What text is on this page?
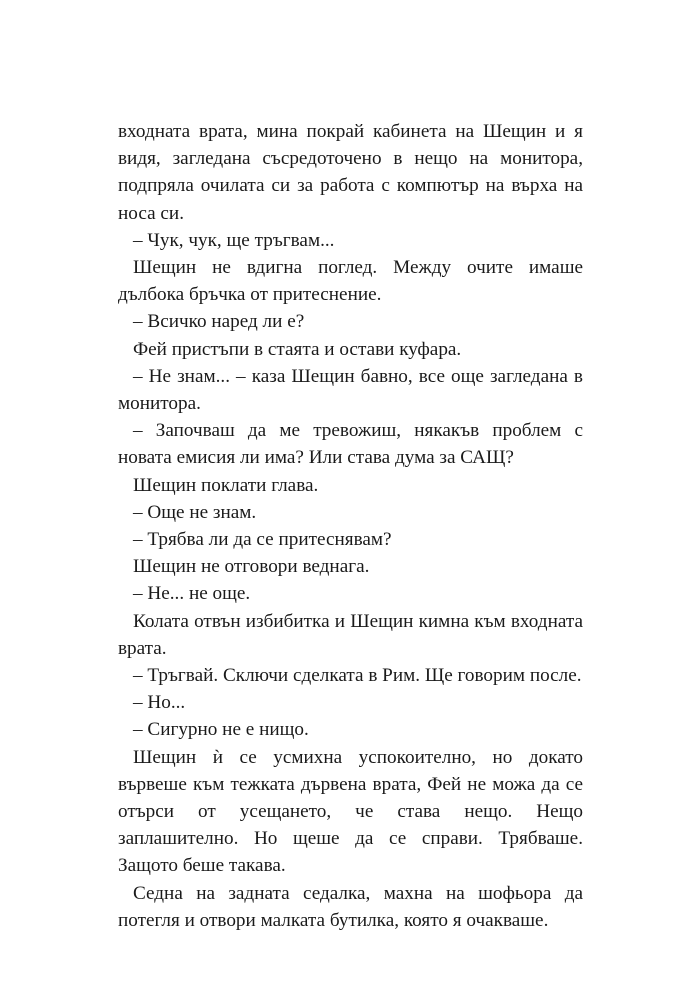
входната врата, мина покрай кабинета на Шещин и я видя, загледана съсредоточено в нещо на монитора, подпряла очилата си за работа с компютър на върха на носа си.

– Чук, чук, ще тръгвам...

Шещин не вдигна поглед. Между очите имаше дълбока бръчка от притеснение.

– Всичко наред ли е?

Фей пристъпи в стаята и остави куфара.

– Не знам... – каза Шещин бавно, все още загледана в монитора.

– Започваш да ме тревожиш, някакъв проблем с новата емисия ли има? Или става дума за САЩ?

Шещин поклати глава.

– Още не знам.

– Трябва ли да се притеснявам?

Шещин не отговори веднага.

– Не... не още.

Колата отвън избибитка и Шещин кимна към входната врата.

– Тръгвай. Сключи сделката в Рим. Ще говорим после.

– Но...

– Сигурно не е нищо.

Шещин ѝ се усмихна успокоително, но докато вървеше към тежката дървена врата, Фей не можа да се отърси от усещането, че става нещо. Нещо заплашително. Но щеше да се справи. Трябваше. Защото беше такава.

Седна на задната седалка, махна на шофьора да потегля и отвори малката бутилка, която я очакваше.
